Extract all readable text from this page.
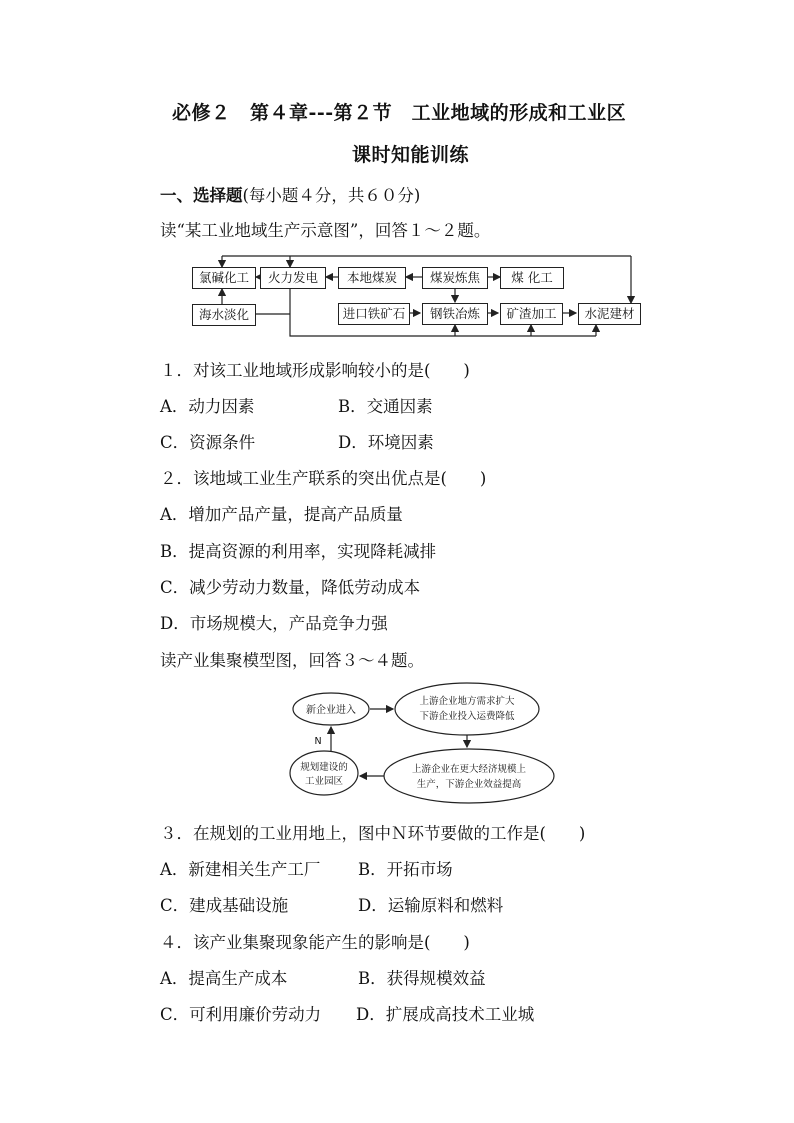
必修２　第４章---第２节　工业地域的形成和工业区
课时知能训练
一、选择题(每小题４分，共６０分)
读“某工业地域生产示意图”，回答１～２题。
氯碱化工	火力发电	本地煤炭	煤炭炼焦	煤 化工
海水淡化	进口铁矿石	钢铁冶炼	矿渣加工	水泥建材
１．对该工业地域形成影响较小的是(　　)
A．动力因素	B．交通因素
C．资源条件	D．环境因素
２．该地域工业生产联系的突出优点是(　　)
A．增加产品产量，提高产品质量
B．提高资源的利用率，实现降耗减排
C．减少劳动力数量，降低劳动成本
D．市场规模大，产品竞争力强
读产业集聚模型图，回答３～４题。
新企业进入
上游企业地方需求扩大
下游企业投入运费降低
规划建设的
工业园区
上游企业在更大经济规模上
生产，下游企业效益提高
N
３．在规划的工业用地上，图中Ｎ环节要做的工作是(　　)
A．新建相关生产工厂 B．开拓市场
C．建成基础设施	D．运输原料和燃料
４．该产业集聚现象能产生的影响是(　　)
A．提高生产成本	B．获得规模效益
C．可利用廉价劳动力 D．扩展成高技术工业城
